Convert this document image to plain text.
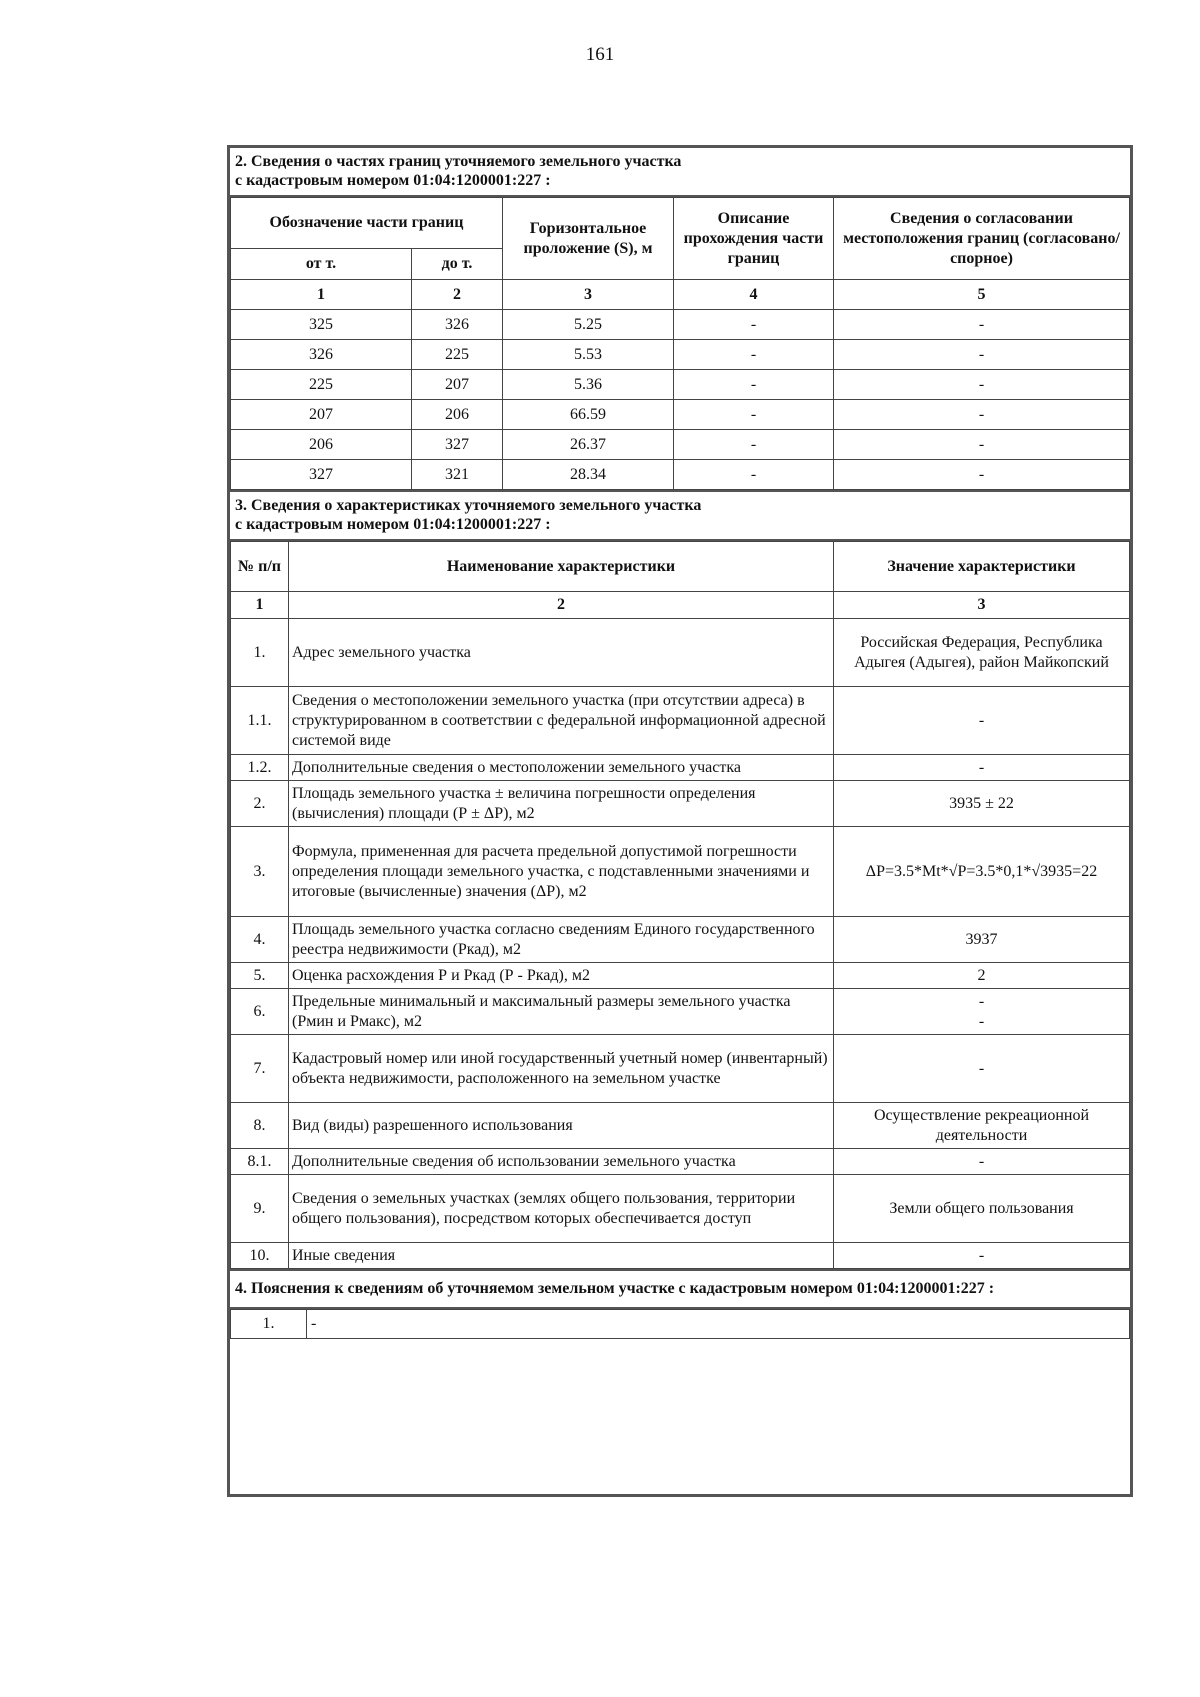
161
2. Сведения о частях границ уточняемого земельного участка
с кадастровым номером 01:04:1200001:227 :
Обозначение части границ		Горизонтальное проложение (S), м	Описание прохождения части границ	Сведения о согласовании местоположения границ (согласовано/спорное)
от т.	до т.			
1	2	3	4	5
325	326	5.25	-	-
326	225	5.53	-	-
225	207	5.36	-	-
207	206	66.59	-	-
206	327	26.37	-	-
327	321	28.34	-	-
3. Сведения о характеристиках уточняемого земельного участка
с кадастровым номером 01:04:1200001:227 :
№ п/п	Наименование характеристики	Значение характеристики
1	2	3
1.	Адрес земельного участка	Российская Федерация, Республика Адыгея (Адыгея), район Майкопский
1.1.	Сведения о местоположении земельного участка (при отсутствии адреса) в структурированном в соответствии с федеральной информационной адресной системой виде	-
1.2.	Дополнительные сведения о местоположении земельного участка	-
2.	Площадь земельного участка ± величина погрешности определения (вычисления) площади (Р ± ΔР), м2	3935 ± 22
3.	Формула, примененная для расчета предельной допустимой погрешности определения площади земельного участка, с подставленными значениями и итоговые (вычисленные) значения (ΔР), м2	ΔР=3.5*Mt*√Р=3.5*0,1*√3935=22
4.	Площадь земельного участка согласно сведениям Единого государственного реестра недвижимости (Ркад), м2	3937
5.	Оценка расхождения Р и Ркад (Р - Ркад), м2	2
6.	Предельные минимальный и максимальный размеры земельного участка (Рмин и Рмакс), м2	-
-
7.	Кадастровый номер или иной государственный учетный номер (инвентарный) объекта недвижимости, расположенного на земельном участке	-
8.	Вид (виды) разрешенного использования	Осуществление рекреационной деятельности
8.1.	Дополнительные сведения об использовании земельного участка	-
9.	Сведения о земельных участках (землях общего пользования, территории общего пользования), посредством которых обеспечивается доступ	Земли общего пользования
10.	Иные сведения	-
4. Пояснения к сведениям об уточняемом земельном участке с кадастровым номером 01:04:1200001:227 :
1.	-
